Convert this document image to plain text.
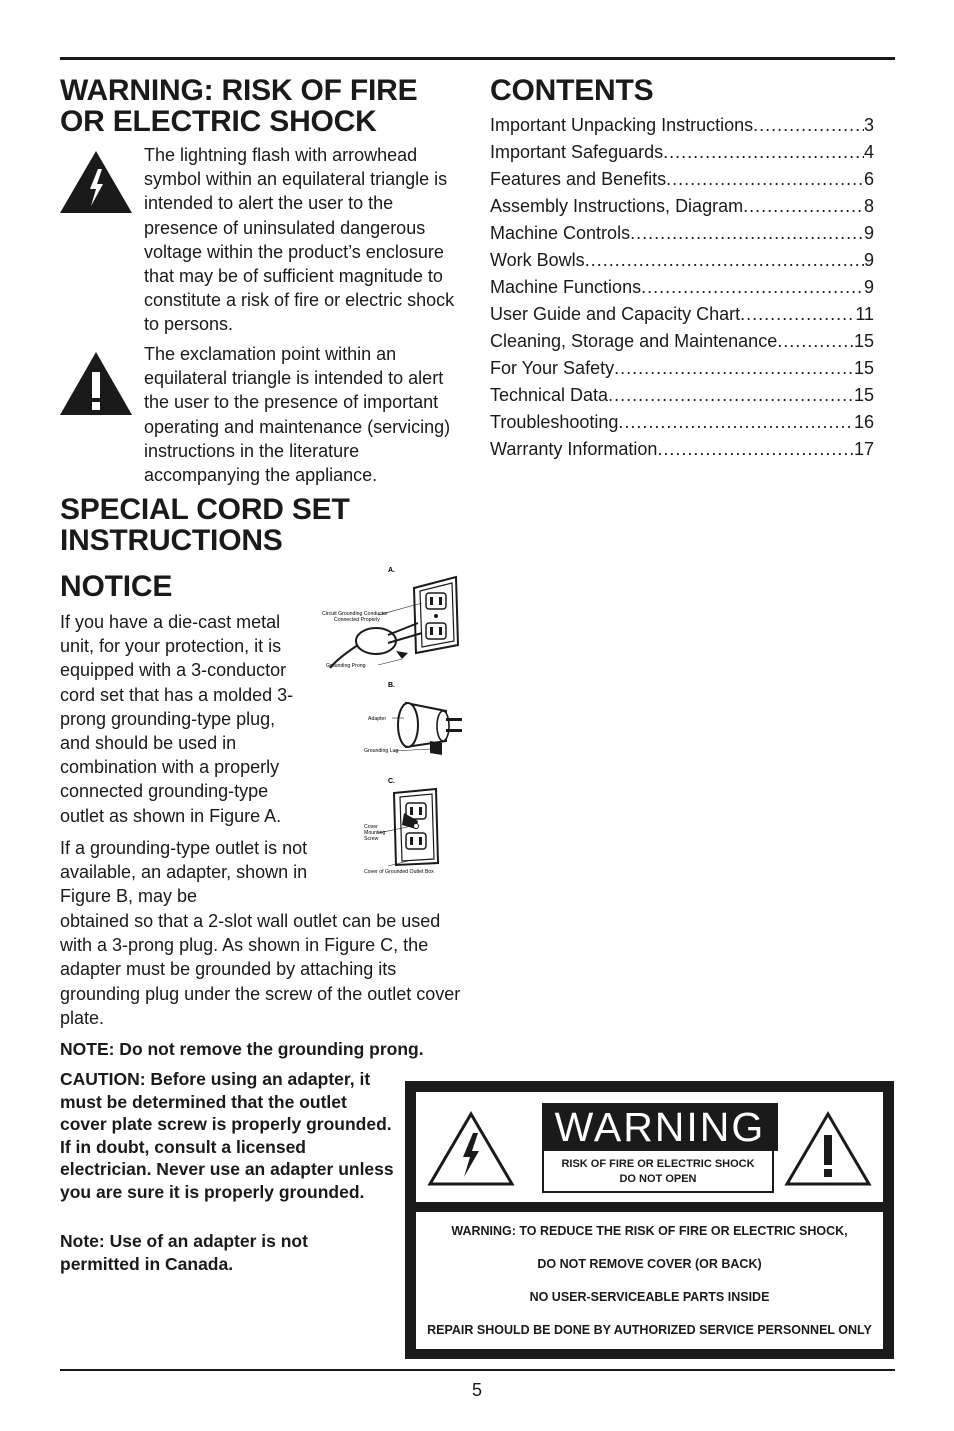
WARNING: RISK OF FIRE
OR ELECTRIC SHOCK

The lightning flash with arrowhead symbol within an equilateral triangle is intended to alert the user to the presence of uninsulated dangerous voltage within the product’s enclosure that may be of sufficient magnitude to constitute a risk of fire or electric shock to persons.

The exclamation point within an equilateral triangle is intended to alert the user to the presence of important operating and maintenance (servicing) instructions in the literature accompanying the appliance.

SPECIAL CORD SET
INSTRUCTIONS
NOTICE

If you have a die-cast metal unit, for your protection, it is equipped with a 3-conductor cord set that has a molded 3-prong grounding-type plug, and should be used in combination with a properly connected grounding-type outlet as shown in Figure A.

If a grounding-type outlet is not available, an adapter, shown in Figure B, may be

obtained so that a 2-slot wall outlet can be used with a 3-prong plug. As shown in Figure C, the adapter must be grounded by attaching its grounding plug under the screw of the outlet cover plate.

NOTE: Do not remove the grounding prong.

CAUTION: Before using an adapter, it must be determined that the outlet cover plate screw is properly grounded. If in doubt, consult a licensed electrician. Never use an adapter unless you are sure it is properly grounded.

Note: Use of an adapter is not permitted in Canada.

A.
Circuit Grounding Conductor
Connected Properly
Grounding Prong
B.
Adapter
Grounding Lug
C.
Cover
Mounting
Screw
Cover of Grounded Outlet Box
CONTENTS
Important Unpacking Instructions .....	3
Important Safeguards .....	4
Features and Benefits .....	6
Assembly Instructions, Diagram .....	8
Machine Controls .....	9
Work Bowls .....	9
Machine Functions .....	9
User Guide and Capacity Chart .....	11
Cleaning, Storage and Maintenance .....	15
For Your Safety .....	15
Technical Data .....	15
Troubleshooting .....	16
Warranty Information .....	17
WARNING
RISK OF FIRE OR ELECTRIC SHOCK
DO NOT OPEN
WARNING: TO REDUCE THE RISK OF FIRE OR ELECTRIC SHOCK,
DO NOT REMOVE COVER (OR BACK)
NO USER-SERVICEABLE PARTS INSIDE
REPAIR SHOULD BE DONE BY AUTHORIZED SERVICE PERSONNEL ONLY
5
